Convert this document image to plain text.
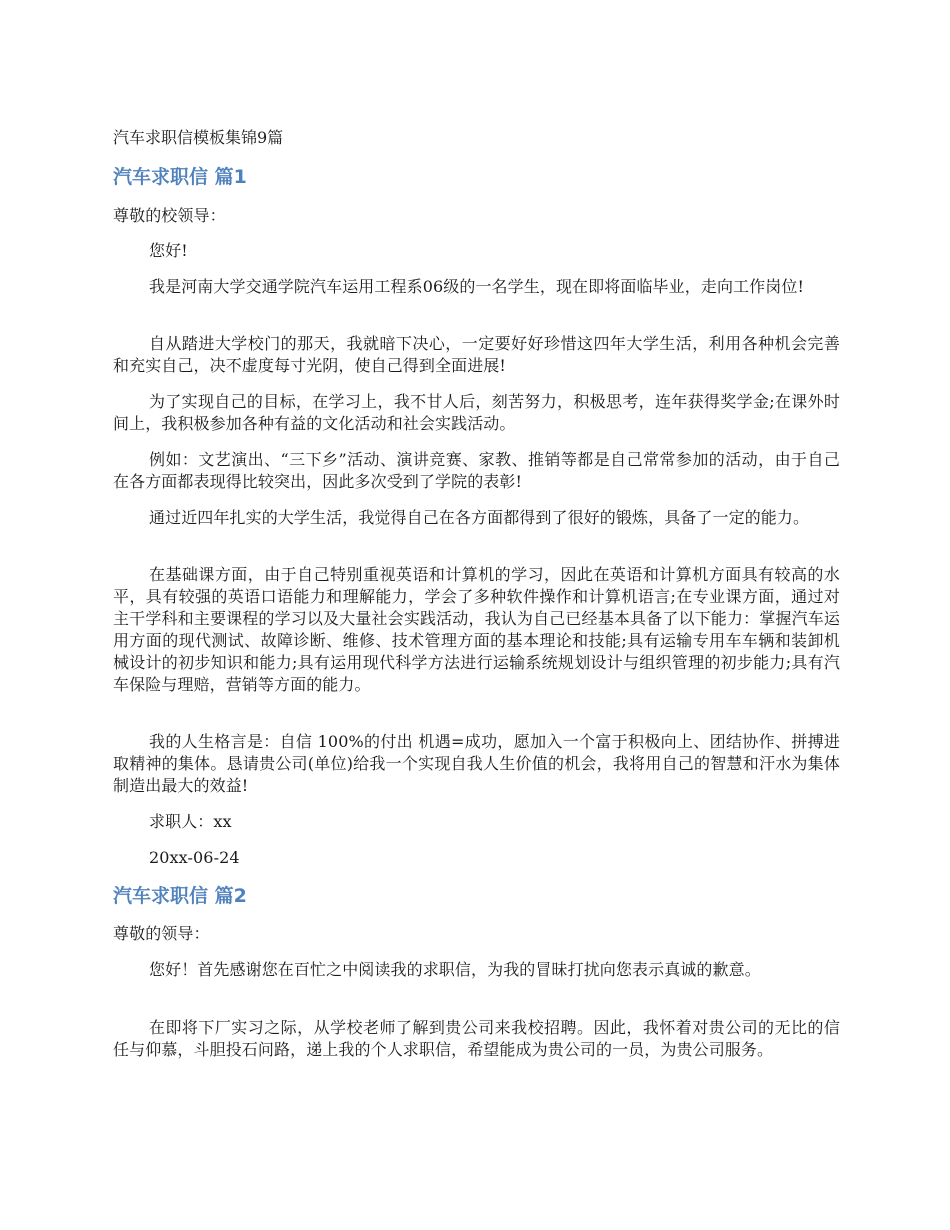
汽车求职信模板集锦9篇
汽车求职信 篇1

尊敬的校领导：

您好!

我是河南大学交通学院汽车运用工程系06级的一名学生，现在即将面临毕业，走向工作岗位!

自从踏进大学校门的那天，我就暗下决心，一定要好好珍惜这四年大学生活，利用各种机会完善和充实自己，决不虚度每寸光阴，使自己得到全面进展!

为了实现自己的目标，在学习上，我不甘人后，刻苦努力，积极思考，连年获得奖学金;在课外时间上，我积极参加各种有益的文化活动和社会实践活动。

例如：文艺演出、“三下乡”活动、演讲竞赛、家教、推销等都是自己常常参加的活动，由于自己在各方面都表现得比较突出，因此多次受到了学院的表彰!

通过近四年扎实的大学生活，我觉得自己在各方面都得到了很好的锻炼，具备了一定的能力。

在基础课方面，由于自己特别重视英语和计算机的学习，因此在英语和计算机方面具有较高的水平，具有较强的英语口语能力和理解能力，学会了多种软件操作和计算机语言;在专业课方面，通过对主干学科和主要课程的学习以及大量社会实践活动，我认为自己已经基本具备了以下能力：掌握汽车运用方面的现代测试、故障诊断、维修、技术管理方面的基本理论和技能;具有运输专用车车辆和装卸机械设计的初步知识和能力;具有运用现代科学方法进行运输系统规划设计与组织管理的初步能力;具有汽车保险与理赔，营销等方面的能力。

我的人生格言是：自信 100%的付出 机遇=成功，愿加入一个富于积极向上、团结协作、拼搏进取精神的集体。恳请贵公司(单位)给我一个实现自我人生价值的机会，我将用自己的智慧和汗水为集体制造出最大的效益!

求职人：xx

20xx-06-24

汽车求职信 篇2

尊敬的领导：

您好！首先感谢您在百忙之中阅读我的求职信，为我的冒昧打扰向您表示真诚的歉意。

在即将下厂实习之际，从学校老师了解到贵公司来我校招聘。因此，我怀着对贵公司的无比的信任与仰慕，斗胆投石问路，递上我的个人求职信，希望能成为贵公司的一员，为贵公司服务。
